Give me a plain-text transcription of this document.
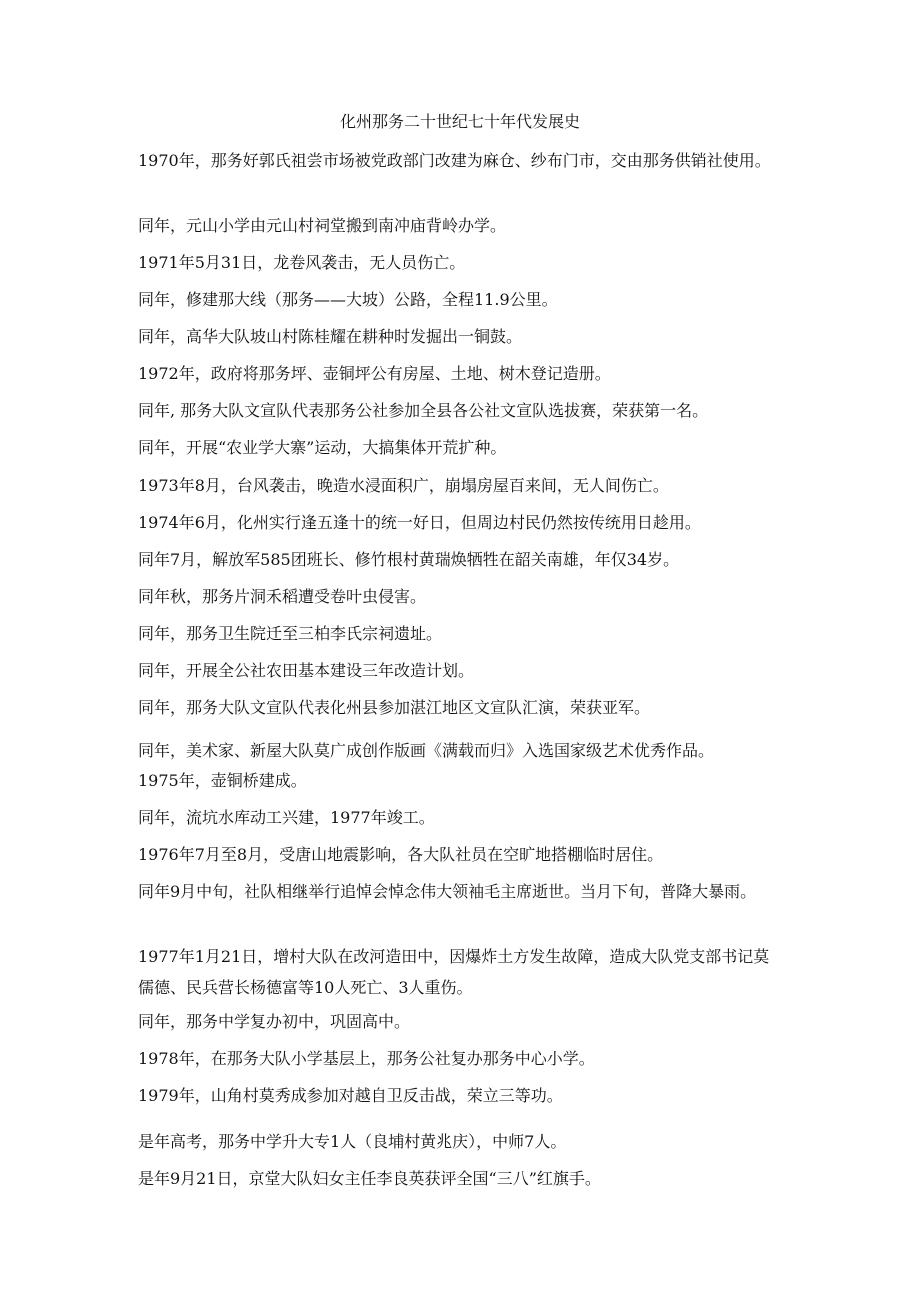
化州那务二十世纪七十年代发展史

1970年，那务好郭氏祖尝市场被党政部门改建为麻仓、纱布门市，交由那务供销社使用。

同年，元山小学由元山村祠堂搬到南冲庙背岭办学。

1971年5月31日，龙卷风袭击，无人员伤亡。

同年，修建那大线（那务——大坡）公路，全程11.9公里。

同年，高华大队坡山村陈桂耀在耕种时发掘出一铜鼓。

1972年，政府将那务坪、壶铜坪公有房屋、土地、树木登记造册。

同年, 那务大队文宣队代表那务公社参加全县各公社文宣队选拔赛，荣获第一名。

同年，开展“农业学大寨”运动，大搞集体开荒扩种。

1973年8月，台风袭击，晚造水浸面积广，崩塌房屋百来间，无人间伤亡。

1974年6月，化州实行逢五逢十的统一好日，但周边村民仍然按传统用日趁用。

同年7月，解放军585团班长、修竹根村黄瑞焕牺牲在韶关南雄，年仅34岁。

同年秋，那务片洞禾稻遭受卷叶虫侵害。

同年，那务卫生院迁至三柏李氏宗祠遗址。

同年，开展全公社农田基本建设三年改造计划。

同年，那务大队文宣队代表化州县参加湛江地区文宣队汇演，荣获亚军。

同年，美术家、新屋大队莫广成创作版画《满载而归》入选国家级艺术优秀作品。

1975年，壶铜桥建成。

同年，流坑水库动工兴建，1977年竣工。

1976年7月至8月，受唐山地震影响，各大队社员在空旷地搭棚临时居住。

同年9月中旬，社队相继举行追悼会悼念伟大领袖毛主席逝世。当月下旬，普降大暴雨。

1977年1月21日，增村大队在改河造田中，因爆炸土方发生故障，造成大队党支部书记莫儒德、民兵营长杨德富等10人死亡、3人重伤。

同年，那务中学复办初中，巩固高中。

1978年，在那务大队小学基层上，那务公社复办那务中心小学。

1979年，山角村莫秀成参加对越自卫反击战，荣立三等功。

是年高考，那务中学升大专1人（良埔村黄兆庆），中师7人。

是年9月21日，京堂大队妇女主任李良英获评全国“三八”红旗手。
